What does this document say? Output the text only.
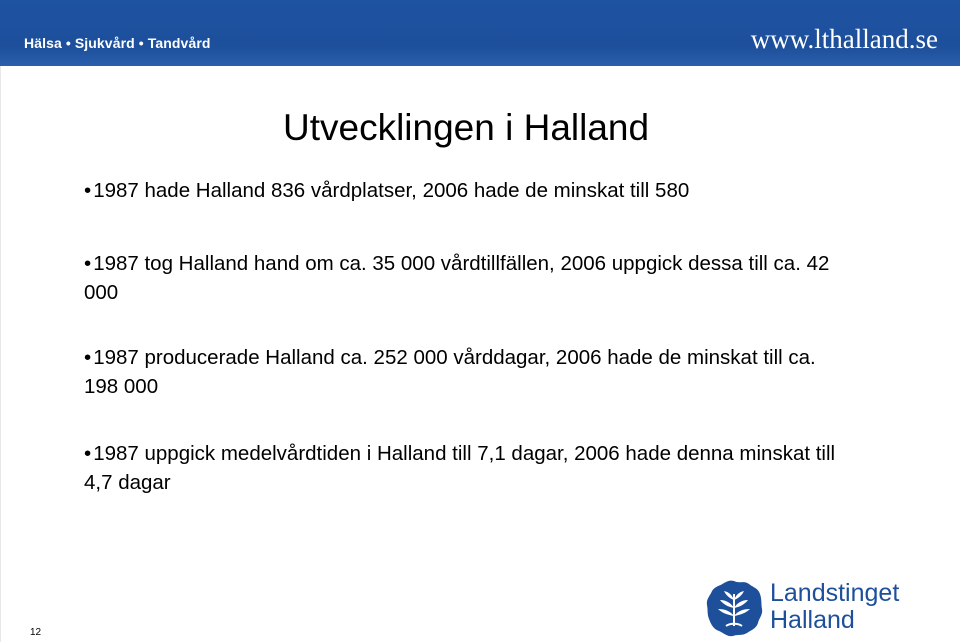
Hälsa • Sjukvård • Tandvård	www.lthalland.se
Utvecklingen i Halland
•1987 hade Halland 836 vårdplatser, 2006 hade de minskat till 580
•1987 tog Halland hand om ca. 35 000 vårdtillfällen, 2006 uppgick dessa till ca. 42 000
•1987 producerade Halland ca. 252 000 vårddagar, 2006 hade de minskat till ca. 198 000
•1987 uppgick medelvårdtiden i Halland till 7,1 dagar, 2006 hade denna minskat till 4,7 dagar
Landstinget
Halland
12
